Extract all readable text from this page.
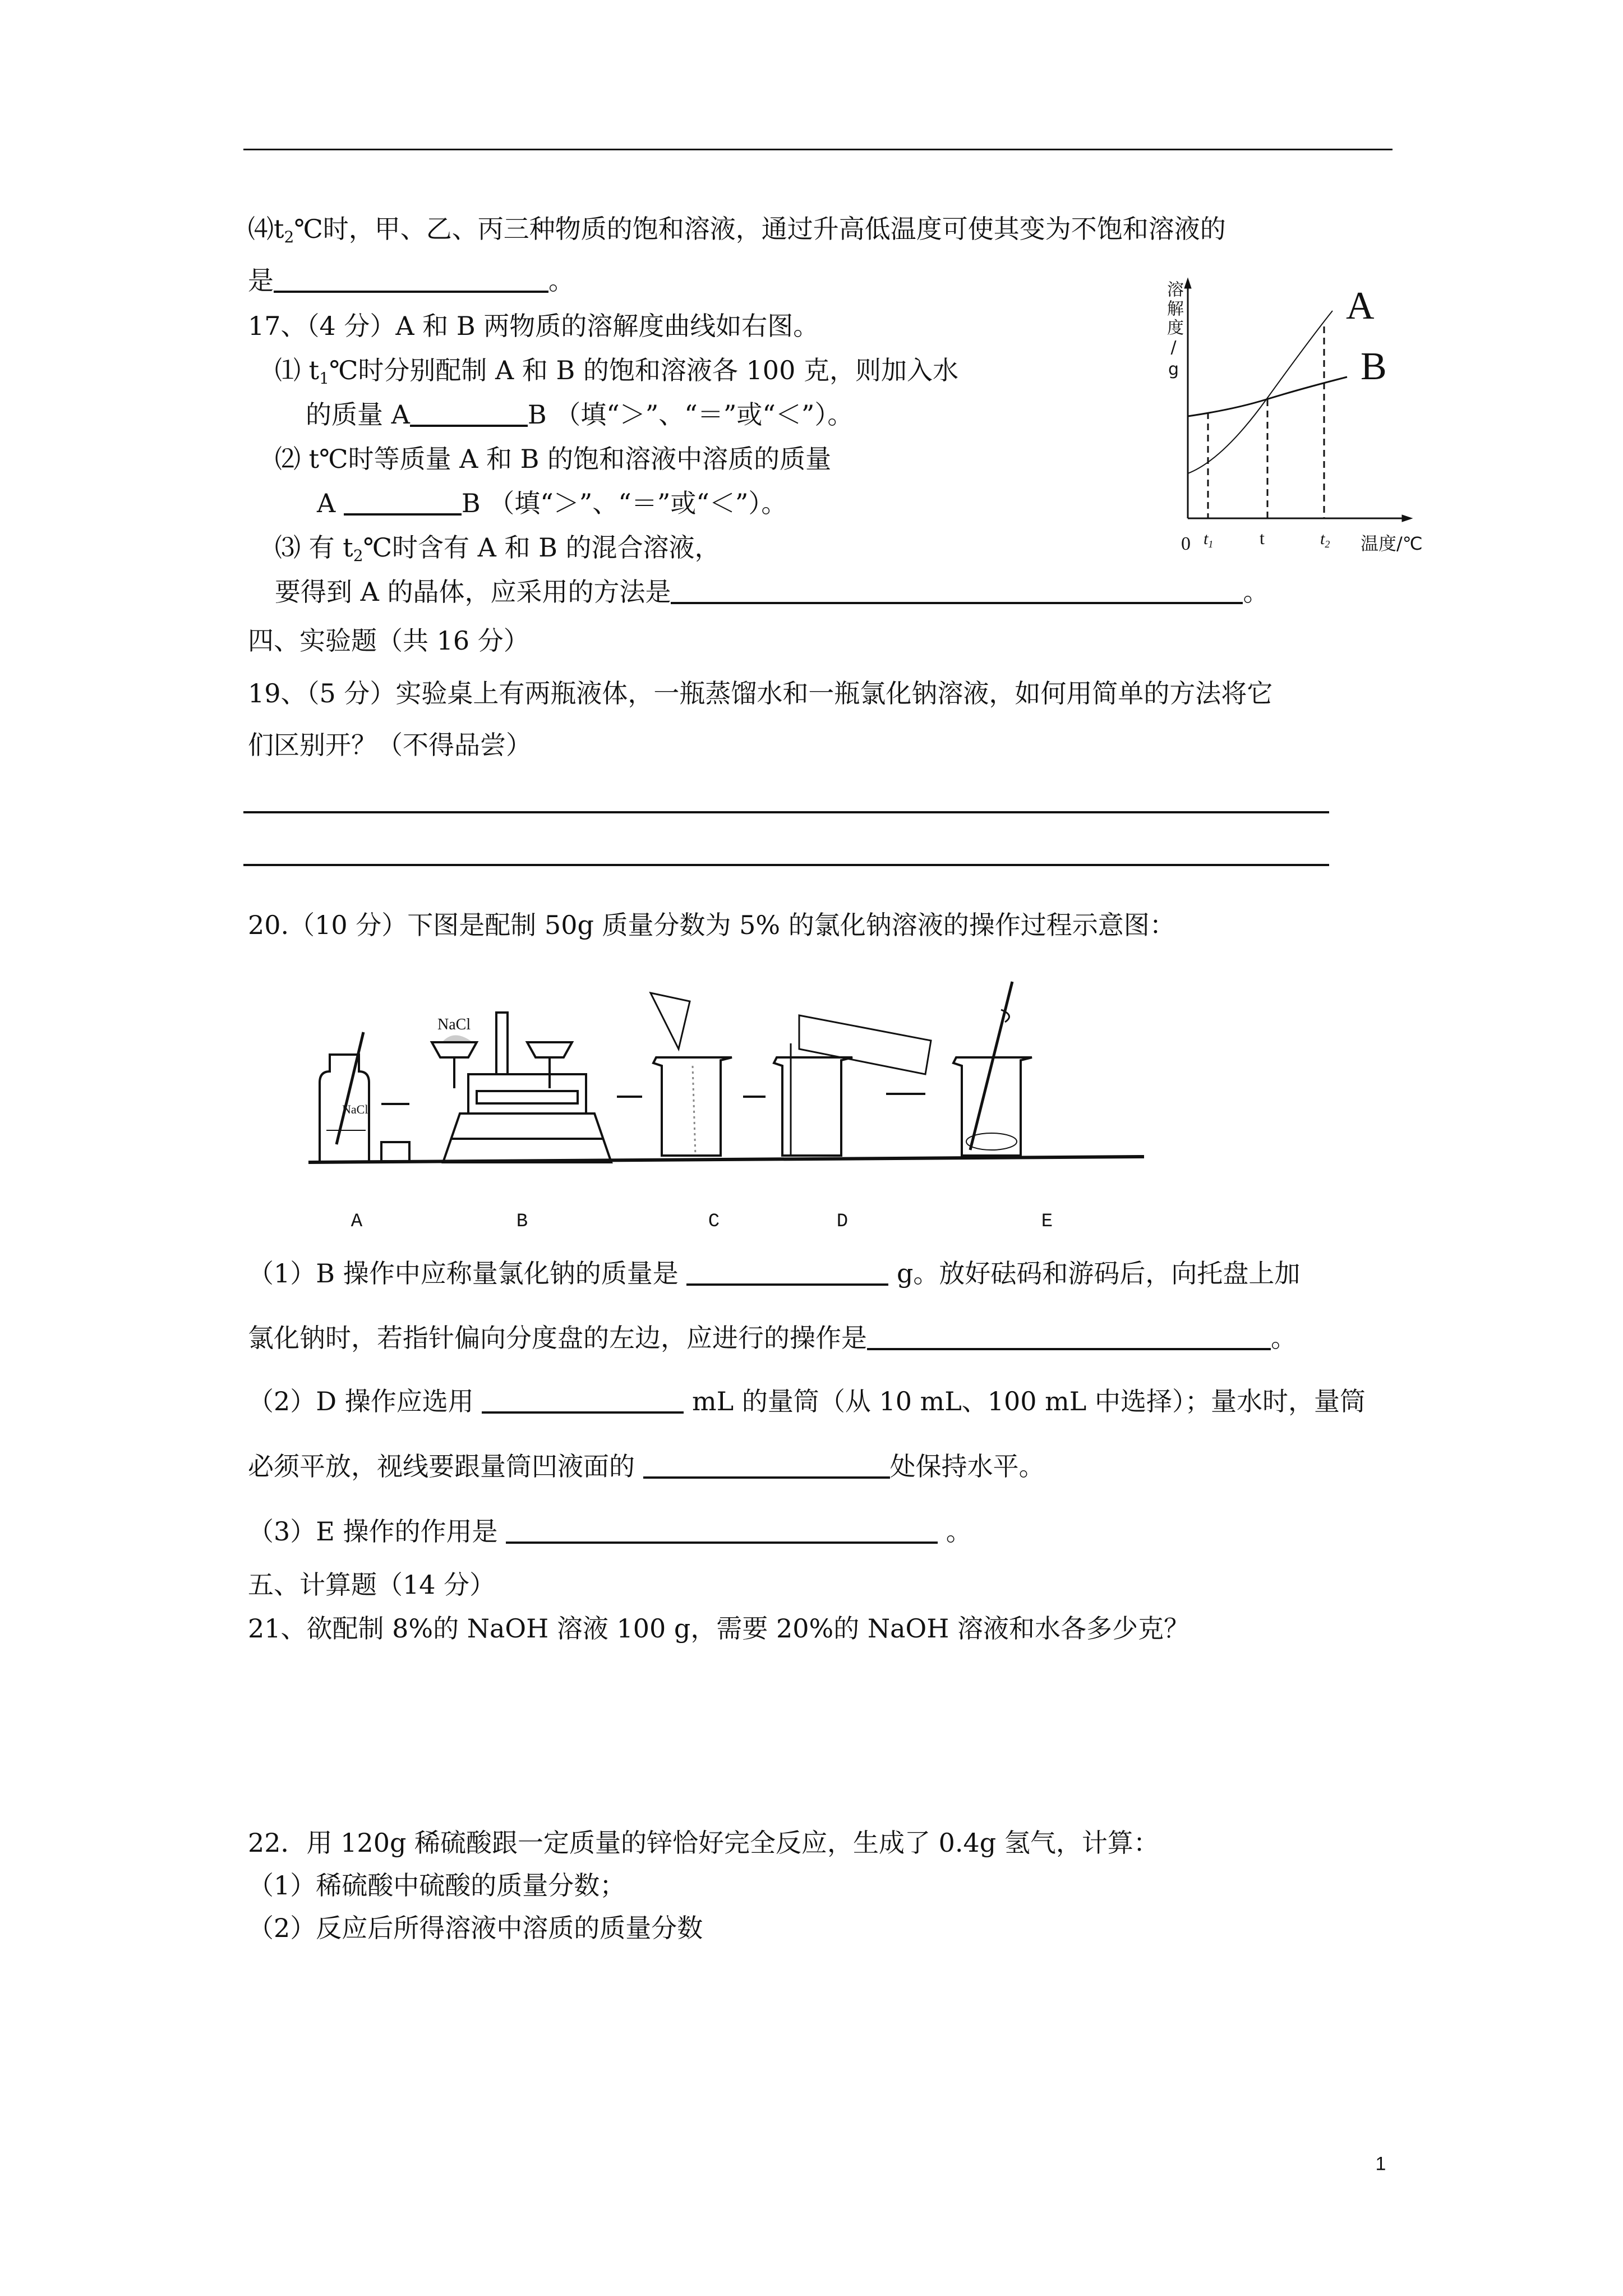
$⑷t_2℃$时，甲、乙、丙三种物质的饱和溶液，通过升高低温度可使其变为不饱和溶液的
是	。
17、（4 分）A 和 B 两物质的溶解度曲线如右图。
⑴ $t_1℃$时分别配制 A 和 B 的饱和溶液各 100 克，则加入水
的质量 A	B （填“＞”、“＝”或“＜”）。
⑵ t℃时等质量 A 和 B 的饱和溶液中溶质的质量
A	B （填“＞”、“＝”或“＜”）。
⑶ 有 $t_2℃$时含有 A 和 B 的混合溶液，
要得到 A 的晶体，应采用的方法是	。
0 $t_1$	t	$t_2$ 温度/℃
A
B
溶解度/g
四、实验题（共 16 分）
19、（5 分）实验桌上有两瓶液体，一瓶蒸馏水和一瓶氯化钠溶液，如何用简单的方法将它
们区别开？（不得品尝）
20.（10 分）下图是配制 50g 质量分数为 5% 的氯化钠溶液的操作过程示意图：
NaCl
NaCl
A	B	C	D	E
（1）B 操作中应称量氯化钠的质量是	g。放好砝码和游码后，向托盘上加
氯化钠时，若指针偏向分度盘的左边，应进行的操作是	。
（2）D 操作应选用	mL 的量筒（从 10 mL、100 mL 中选择）；量水时，量筒
必须平放，视线要跟量筒凹液面的	处保持水平。
（3）E 操作的作用是	。
五、计算题（14 分）
21、欲配制 8%的 NaOH 溶液 100 g，需要 20%的 NaOH 溶液和水各多少克？
22．用 120g 稀硫酸跟一定质量的锌恰好完全反应，生成了 0.4g 氢气，计算：
（1）稀硫酸中硫酸的质量分数；
（2）反应后所得溶液中溶质的质量分数
1
